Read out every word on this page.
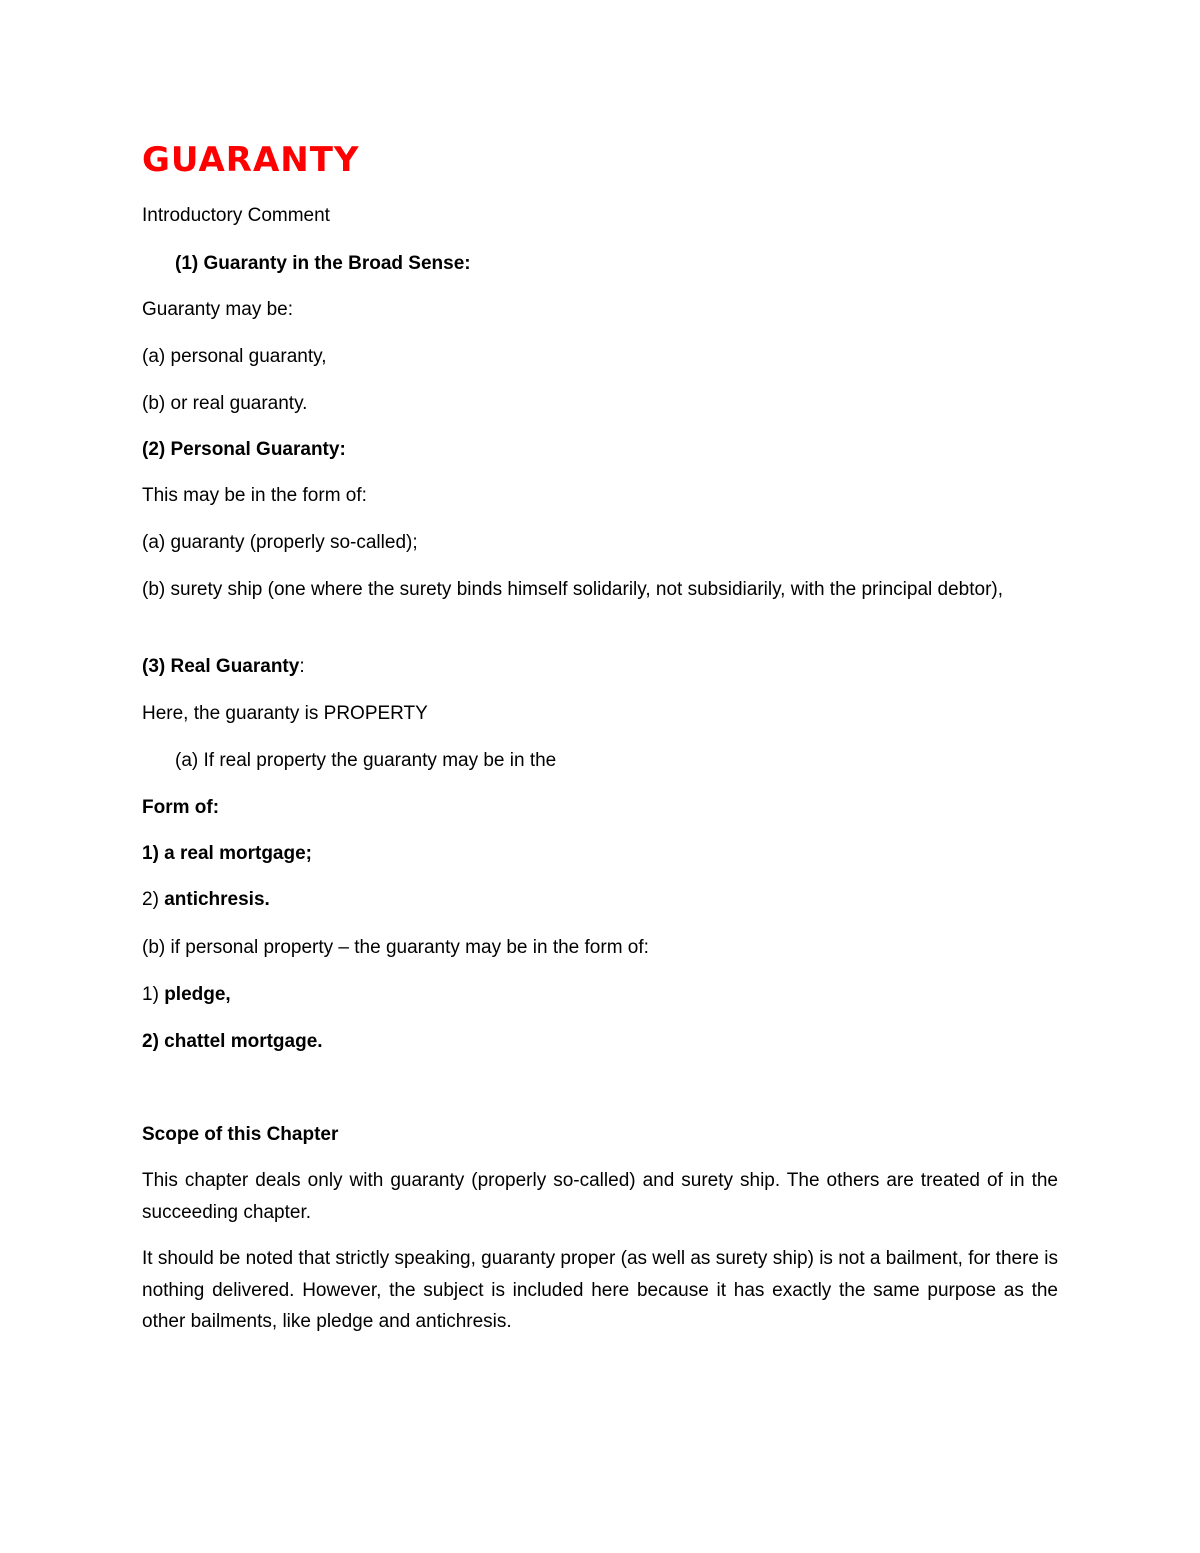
GUARANTY
Introductory Comment
(1) Guaranty in the Broad Sense:
Guaranty may be:
(a) personal guaranty,
(b) or real guaranty.
(2) Personal Guaranty:
This may be in the form of:
(a) guaranty (properly so-called);
(b) surety ship (one where the surety binds himself solidarily, not subsidiarily, with the principal debtor),
(3) Real Guaranty:
Here, the guaranty is PROPERTY
(a) If real property the guaranty may be in the
Form of:
1) a real mortgage;
2) antichresis.
(b) if personal property – the guaranty may be in the form of:
1) pledge,
2) chattel mortgage.
Scope of this Chapter
This chapter deals only with guaranty (properly so-called) and surety ship. The others are treated of in the succeeding chapter.
It should be noted that strictly speaking, guaranty proper (as well as surety ship) is not a bailment, for there is nothing delivered. However, the subject is included here because it has exactly the same purpose as the other bailments, like pledge and antichresis.
